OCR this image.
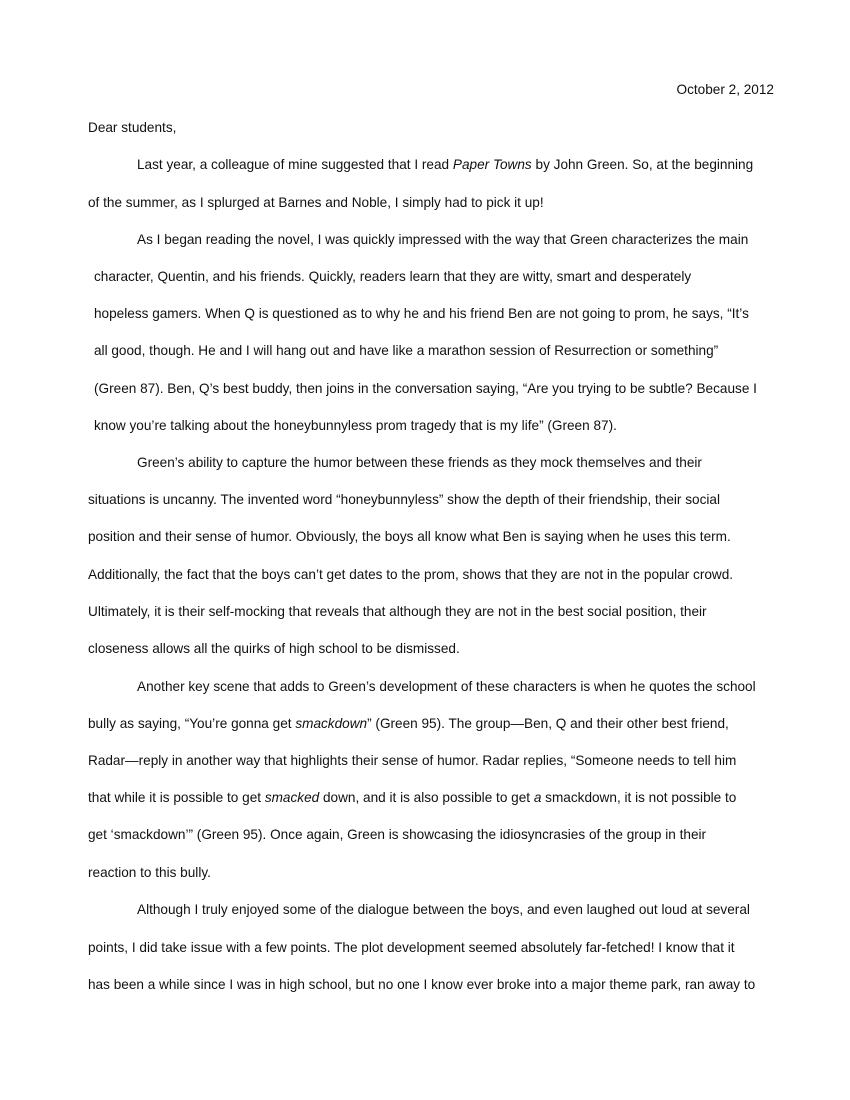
October 2, 2012
Dear students,
Last year, a colleague of mine suggested that I read Paper Towns by John Green. So, at the beginning
of the summer, as I splurged at Barnes and Noble, I simply had to pick it up!
As I began reading the novel, I was quickly impressed with the way that Green characterizes the main
character, Quentin, and his friends. Quickly, readers learn that they are witty, smart and desperately
hopeless gamers. When Q is questioned as to why he and his friend Ben are not going to prom, he says, “It’s
all good, though. He and I will hang out and have like a marathon session of Resurrection or something”
(Green 87). Ben, Q’s best buddy, then joins in the conversation saying, “Are you trying to be subtle? Because I
know you’re talking about the honeybunnyless prom tragedy that is my life” (Green 87).
Green’s ability to capture the humor between these friends as they mock themselves and their
situations is uncanny. The invented word “honeybunnyless” show the depth of their friendship, their social
position and their sense of humor. Obviously, the boys all know what Ben is saying when he uses this term.
Additionally, the fact that the boys can’t get dates to the prom, shows that they are not in the popular crowd.
Ultimately, it is their self-mocking that reveals that although they are not in the best social position, their
closeness allows all the quirks of high school to be dismissed.
Another key scene that adds to Green’s development of these characters is when he quotes the school
bully as saying, “You’re gonna get smackdown” (Green 95). The group—Ben, Q and their other best friend,
Radar—reply in another way that highlights their sense of humor. Radar replies, “Someone needs to tell him
that while it is possible to get smacked down, and it is also possible to get a smackdown, it is not possible to
get ‘smackdown’” (Green 95). Once again, Green is showcasing the idiosyncrasies of the group in their
reaction to this bully.
Although I truly enjoyed some of the dialogue between the boys, and even laughed out loud at several
points, I did take issue with a few points. The plot development seemed absolutely far-fetched! I know that it
has been a while since I was in high school, but no one I know ever broke into a major theme park, ran away to
